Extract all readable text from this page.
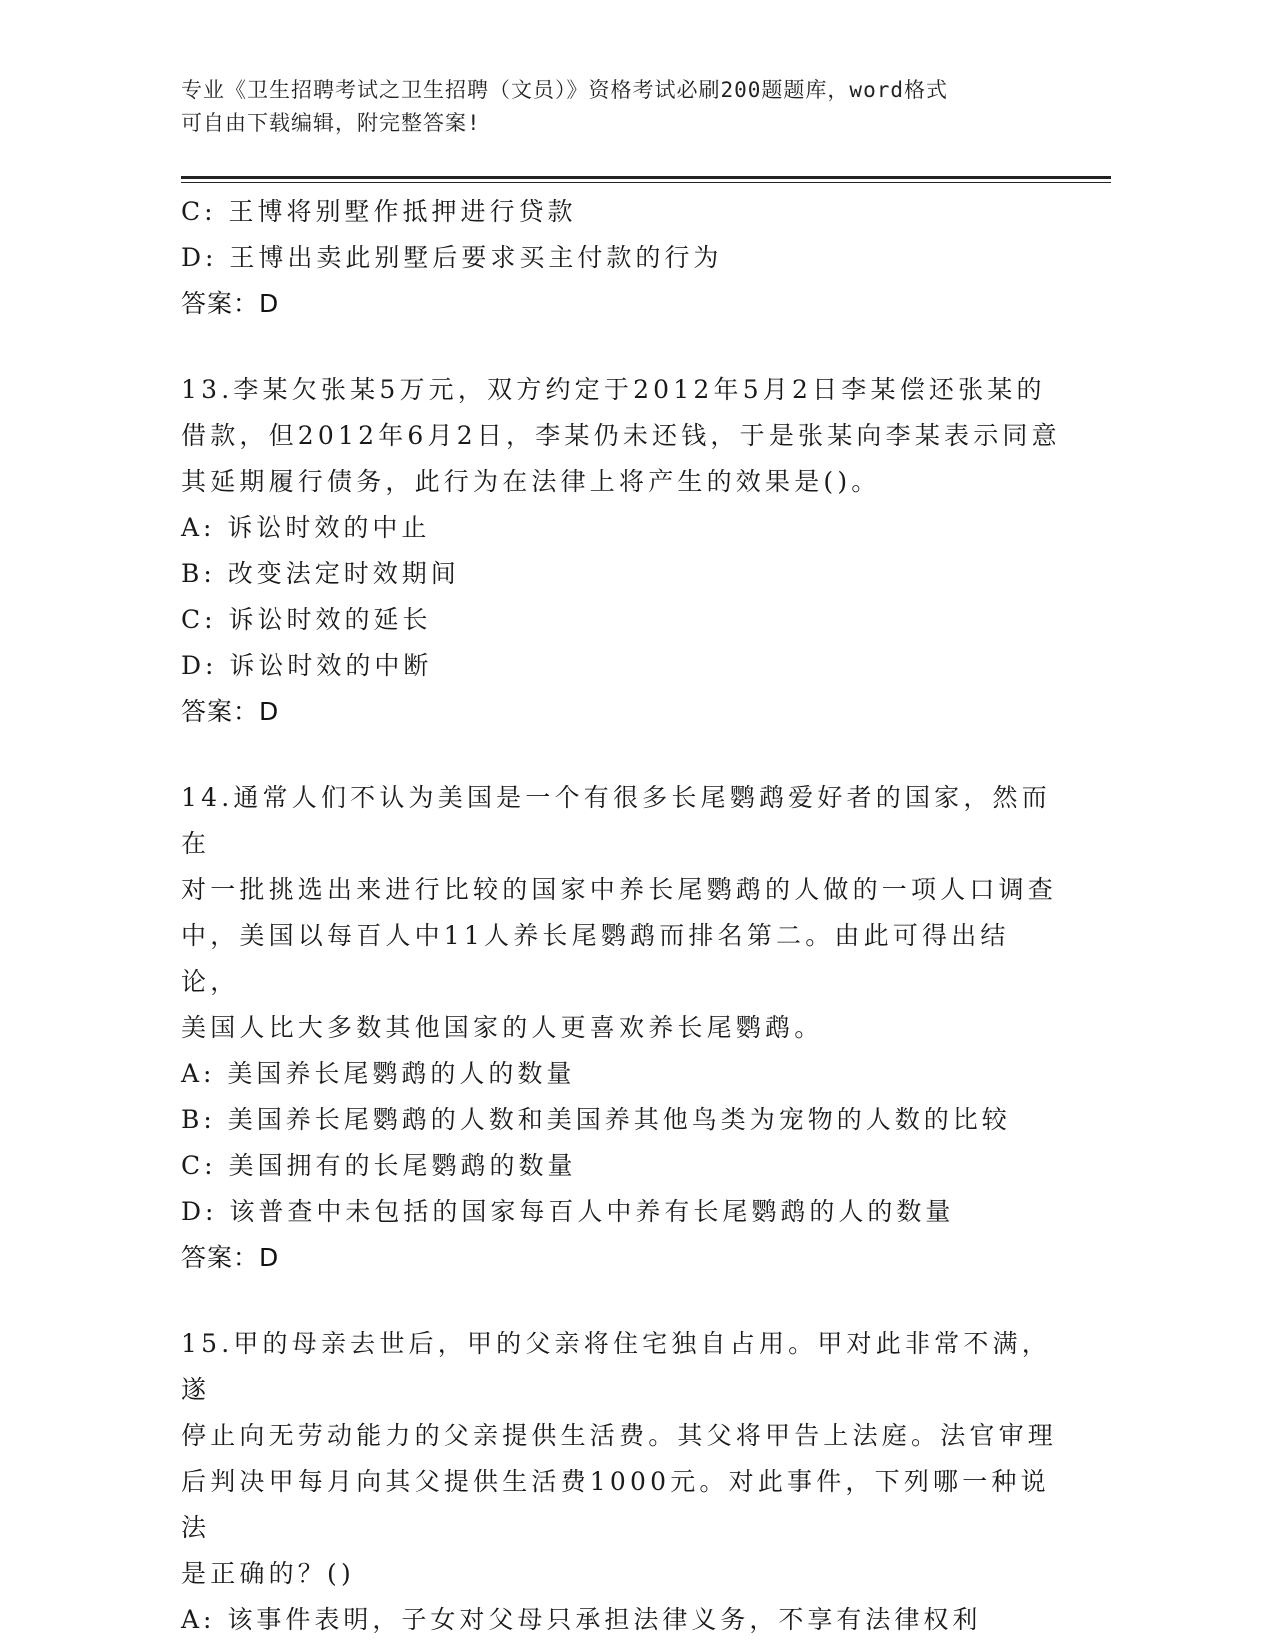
专业《卫生招聘考试之卫生招聘（文员）》资格考试必刷200题题库，word格式
可自由下载编辑，附完整答案!
C: 王博将别墅作抵押进行贷款
D: 王博出卖此别墅后要求买主付款的行为
答案：D
13.李某欠张某5万元，双方约定于2012年5月2日李某偿还张某的
借款，但2012年6月2日，李某仍未还钱，于是张某向李某表示同意
其延期履行债务，此行为在法律上将产生的效果是()。
A: 诉讼时效的中止
B: 改变法定时效期间
C: 诉讼时效的延长
D: 诉讼时效的中断
答案：D
14.通常人们不认为美国是一个有很多长尾鹦鹉爱好者的国家，然而在
对一批挑选出来进行比较的国家中养长尾鹦鹉的人做的一项人口调查
中，美国以每百人中11人养长尾鹦鹉而排名第二。由此可得出结论，
美国人比大多数其他国家的人更喜欢养长尾鹦鹉。
A: 美国养长尾鹦鹉的人的数量
B: 美国养长尾鹦鹉的人数和美国养其他鸟类为宠物的人数的比较
C: 美国拥有的长尾鹦鹉的数量
D: 该普查中未包括的国家每百人中养有长尾鹦鹉的人的数量
答案：D
15.甲的母亲去世后，甲的父亲将住宅独自占用。甲对此非常不满，遂
停止向无劳动能力的父亲提供生活费。其父将甲告上法庭。法官审理
后判决甲每月向其父提供生活费1000元。对此事件，下列哪一种说法
是正确的？()
A: 该事件表明，子女对父母只承担法律义务，不享有法律权利
